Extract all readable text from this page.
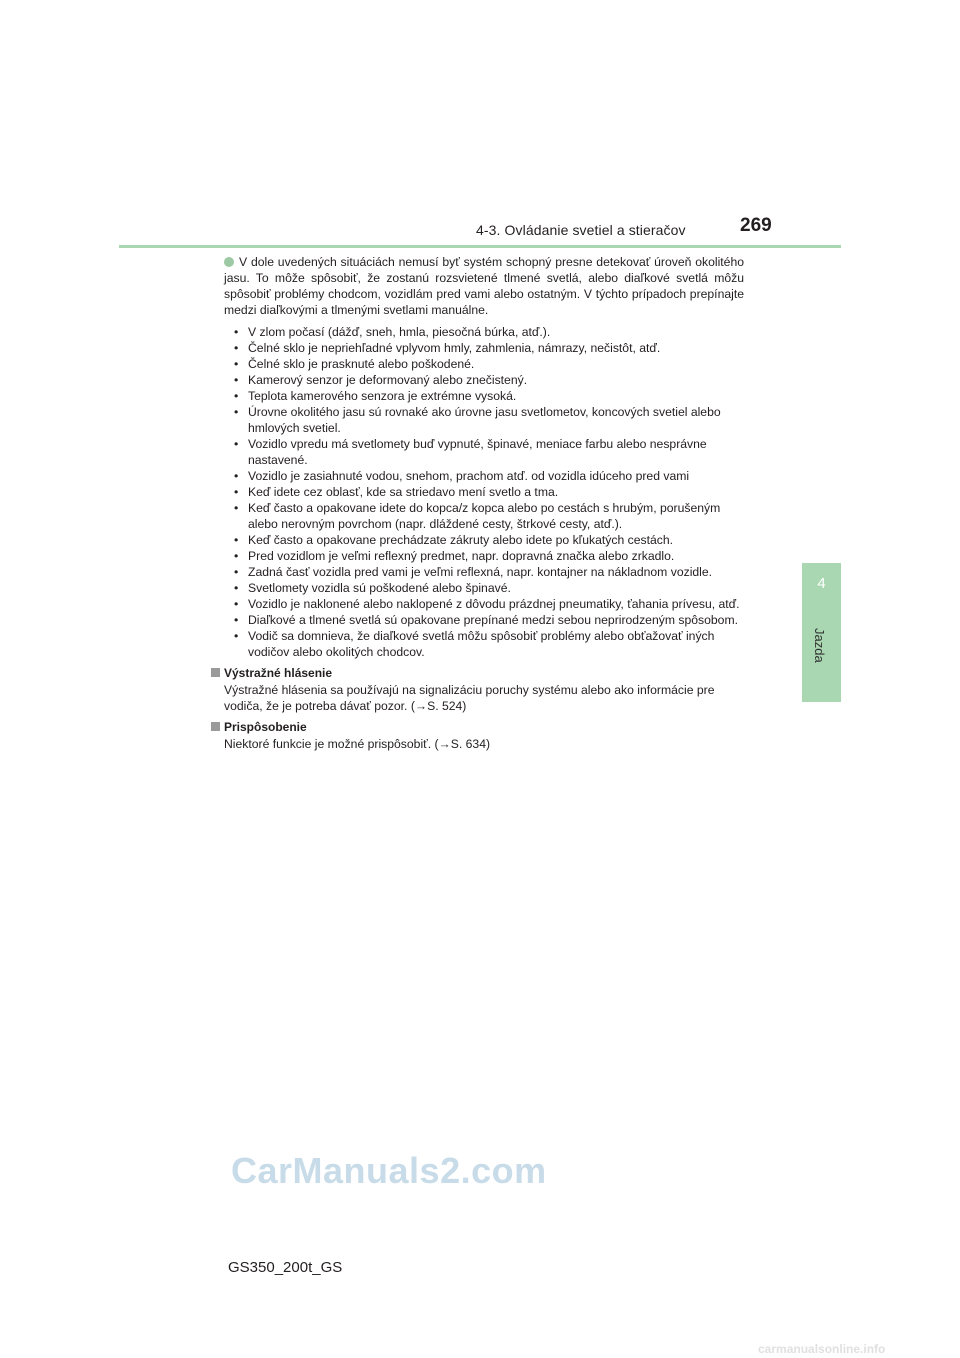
4-3. Ovládanie svetiel a stieračov	269
4
Jazda

V dole uvedených situáciách nemusí byť systém schopný presne detekovať úroveň okolitého jasu. To môže spôsobiť, že zostanú rozsvietené tlmené svetlá, alebo diaľkové svetlá môžu spôsobiť problémy chodcom, vozidlám pred vami alebo ostatným. V týchto prípadoch prepínajte medzi diaľkovými a tlmenými svetlami manuálne.

• V zlom počasí (dážď, sneh, hmla, piesočná búrka, atď.).
• Čelné sklo je nepriehľadné vplyvom hmly, zahmlenia, námrazy, nečistôt, atď.
• Čelné sklo je prasknuté alebo poškodené.
• Kamerový senzor je deformovaný alebo znečistený.
• Teplota kamerového senzora je extrémne vysoká.
• Úrovne okolitého jasu sú rovnaké ako úrovne jasu svetlometov, koncových svetiel alebo hmlových svetiel.
• Vozidlo vpredu má svetlomety buď vypnuté, špinavé, meniace farbu alebo nesprávne nastavené.
• Vozidlo je zasiahnuté vodou, snehom, prachom atď. od vozidla idúceho pred vami
• Keď idete cez oblasť, kde sa striedavo mení svetlo a tma.
• Keď často a opakovane idete do kopca/z kopca alebo po cestách s hrubým, porušeným alebo nerovným povrchom (napr. dláždené cesty, štrkové cesty, atď.).
• Keď často a opakovane prechádzate zákruty alebo idete po kľukatých cestách.
• Pred vozidlom je veľmi reflexný predmet, napr. dopravná značka alebo zrkadlo.
• Zadná časť vozidla pred vami je veľmi reflexná, napr. kontajner na nákladnom vozidle.
• Svetlomety vozidla sú poškodené alebo špinavé.
• Vozidlo je naklonené alebo naklopené z dôvodu prázdnej pneumatiky, ťahania prívesu, atď.
• Diaľkové a tlmené svetlá sú opakovane prepínané medzi sebou neprirodzeným spôsobom.
• Vodič sa domnieva, že diaľkové svetlá môžu spôsobiť problémy alebo obťažovať iných vodičov alebo okolitých chodcov.
Výstražné hlásenie

Výstražné hlásenia sa používajú na signalizáciu poruchy systému alebo ako informácie pre vodiča, že je potreba dávať pozor. (→S. 524)

Prispôsobenie

Niektoré funkcie je možné prispôsobiť. (→S. 634)

CarManuals2.com
GS350_200t_GS
carmanualsonline.info
